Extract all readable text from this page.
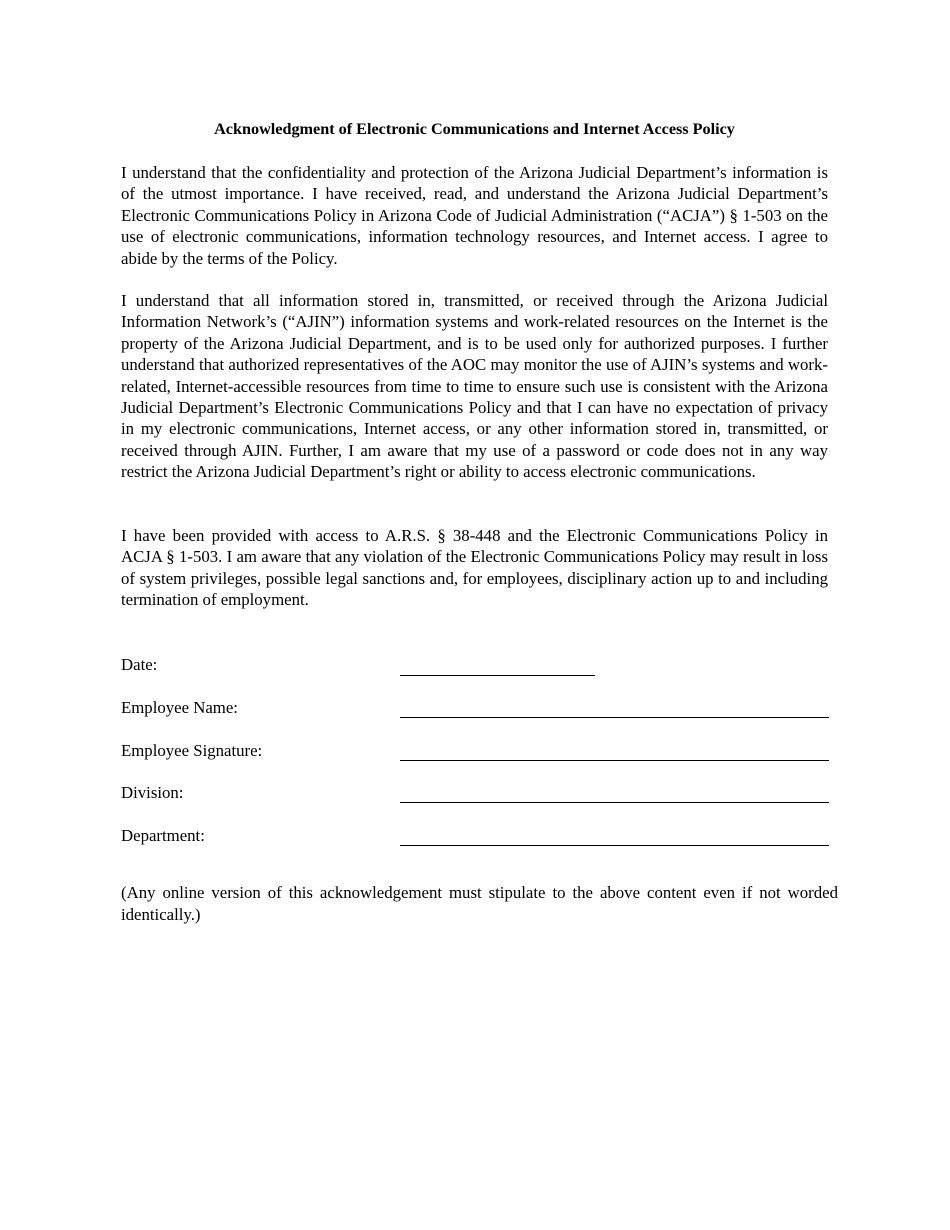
Acknowledgment of Electronic Communications and Internet Access Policy

I understand that the confidentiality and protection of the Arizona Judicial Department’s information is of the utmost importance. I have received, read, and understand the Arizona Judicial Department’s Electronic Communications Policy in Arizona Code of Judicial Administration (“ACJA”) § 1-503 on the use of electronic communications, information technology resources, and Internet access. I agree to abide by the terms of the Policy.

I understand that all information stored in, transmitted, or received through the Arizona Judicial Information Network’s (“AJIN”) information systems and work-related resources on the Internet is the property of the Arizona Judicial Department, and is to be used only for authorized purposes. I further understand that authorized representatives of the AOC may monitor the use of AJIN’s systems and work-related, Internet-accessible resources from time to time to ensure such use is consistent with the Arizona Judicial Department’s Electronic Communications Policy and that I can have no expectation of privacy in my electronic communications, Internet access, or any other information stored in, transmitted, or received through AJIN. Further, I am aware that my use of a password or code does not in any way restrict the Arizona Judicial Department’s right or ability to access electronic communications.

I have been provided with access to A.R.S. § 38-448 and the Electronic Communications Policy in ACJA § 1-503. I am aware that any violation of the Electronic Communications Policy may result in loss of system privileges, possible legal sanctions and, for employees, disciplinary action up to and including termination of employment.

Date:
Employee Name:
Employee Signature:
Division:
Department:

(Any online version of this acknowledgement must stipulate to the above content even if not worded identically.)
